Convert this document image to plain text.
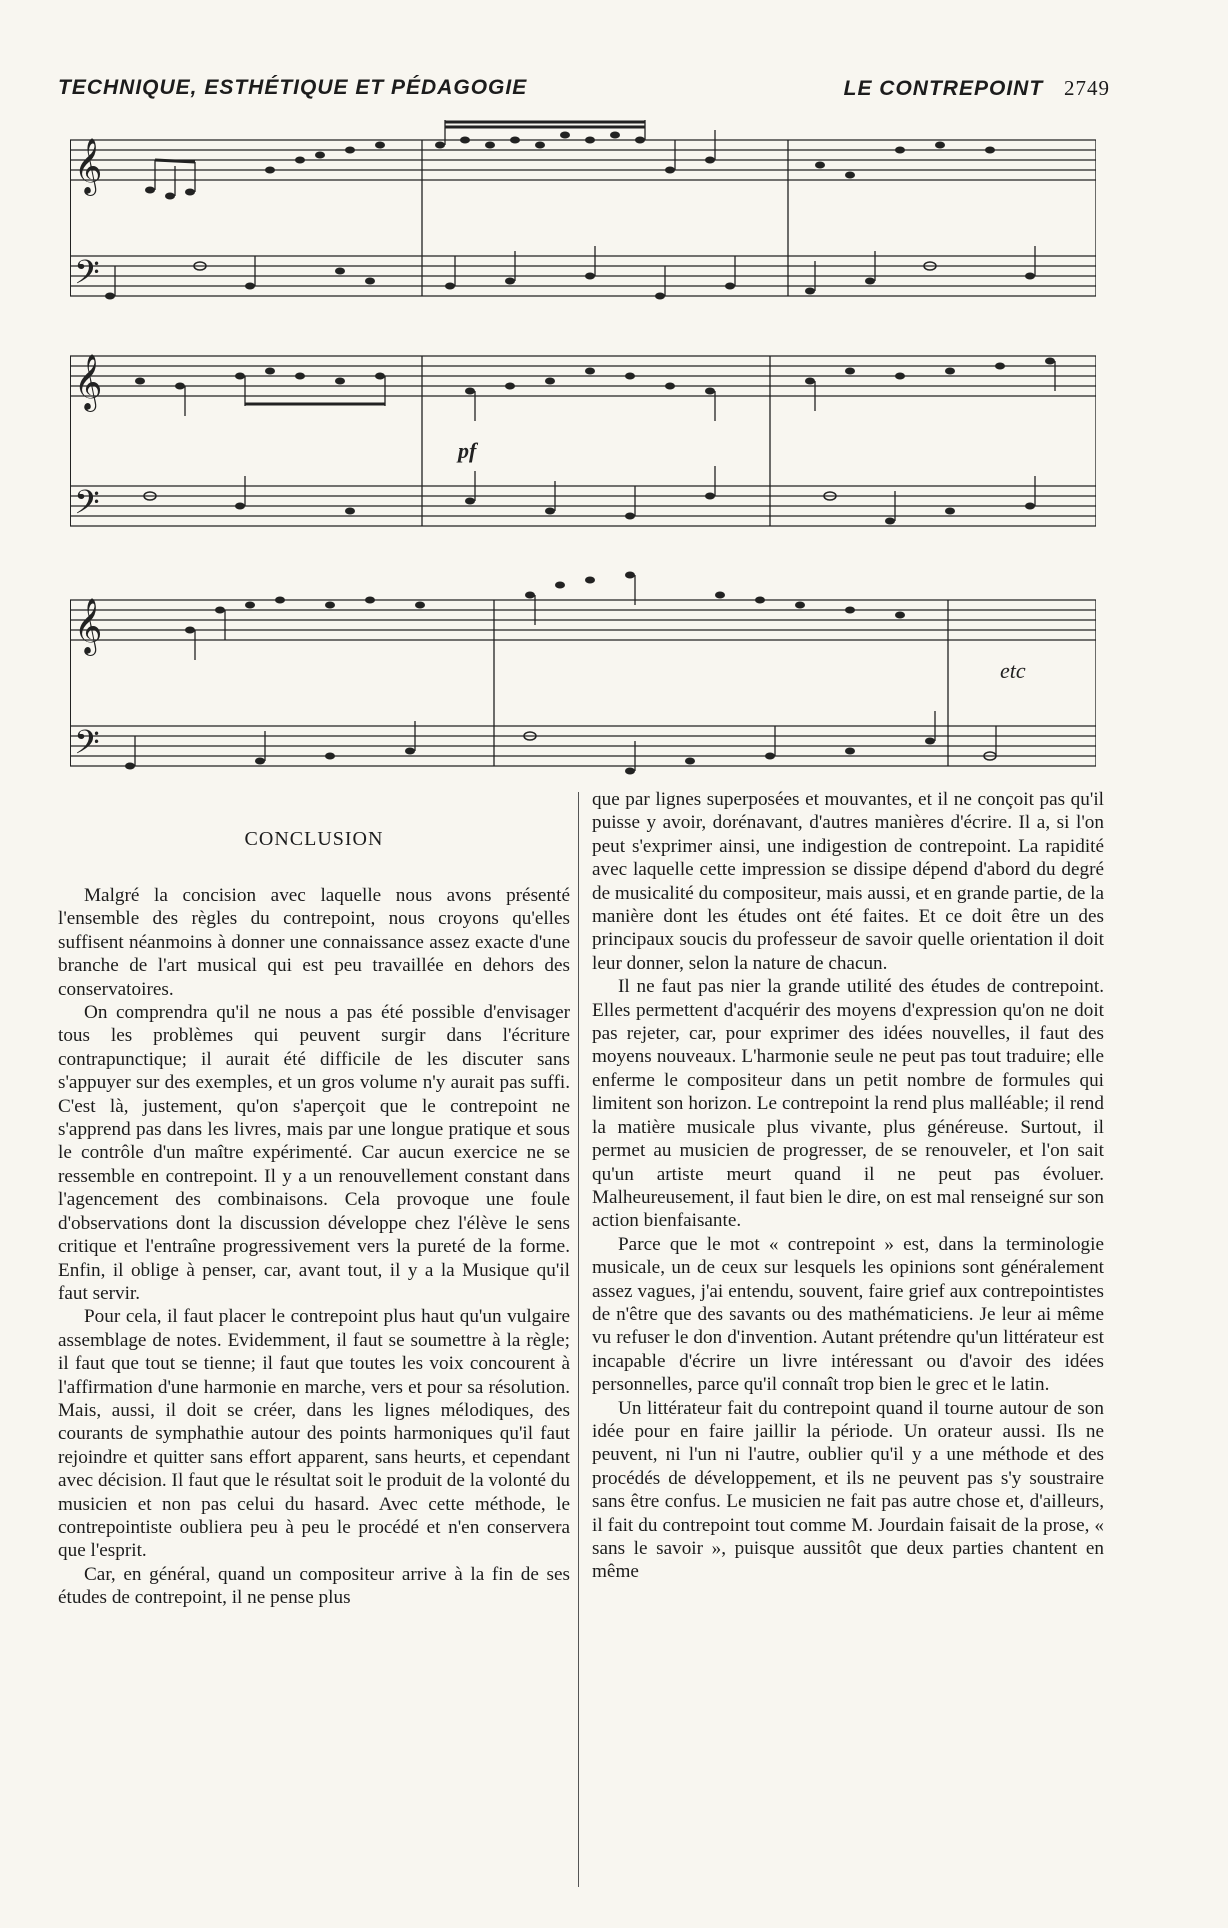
TECHNIQUE, ESTHÉTIQUE ET PÉDAGOGIE	LE CONTREPOINT 2749
𝄞
𝄢
𝄞
𝄢
pf
𝄞
𝄢
etc
CONCLUSION

Malgré la concision avec laquelle nous avons présenté l'ensemble des règles du contrepoint, nous croyons qu'elles suffisent néanmoins à donner une connaissance assez exacte d'une branche de l'art musical qui est peu travaillée en dehors des conservatoires.

On comprendra qu'il ne nous a pas été possible d'envisager tous les problèmes qui peuvent surgir dans l'écriture contrapunctique; il aurait été difficile de les discuter sans s'appuyer sur des exemples, et un gros volume n'y aurait pas suffi. C'est là, justement, qu'on s'aperçoit que le contrepoint ne s'apprend pas dans les livres, mais par une longue pratique et sous le contrôle d'un maître expérimenté. Car aucun exercice ne se ressemble en contrepoint. Il y a un renouvellement constant dans l'agencement des combinaisons. Cela provoque une foule d'observations dont la discussion développe chez l'élève le sens critique et l'entraîne progressivement vers la pureté de la forme. Enfin, il oblige à penser, car, avant tout, il y a la Musique qu'il faut servir.

Pour cela, il faut placer le contrepoint plus haut qu'un vulgaire assemblage de notes. Evidemment, il faut se soumettre à la règle; il faut que tout se tienne; il faut que toutes les voix concourent à l'affirmation d'une harmonie en marche, vers et pour sa résolution. Mais, aussi, il doit se créer, dans les lignes mélodiques, des courants de symphathie autour des points harmoniques qu'il faut rejoindre et quitter sans effort apparent, sans heurts, et cependant avec décision. Il faut que le résultat soit le produit de la volonté du musicien et non pas celui du hasard. Avec cette méthode, le contrepointiste oubliera peu à peu le procédé et n'en conservera que l'esprit.

Car, en général, quand un compositeur arrive à la fin de ses études de contrepoint, il ne pense plus

que par lignes superposées et mouvantes, et il ne conçoit pas qu'il puisse y avoir, dorénavant, d'autres manières d'écrire. Il a, si l'on peut s'exprimer ainsi, une indigestion de contrepoint. La rapidité avec laquelle cette impression se dissipe dépend d'abord du degré de musicalité du compositeur, mais aussi, et en grande partie, de la manière dont les études ont été faites. Et ce doit être un des principaux soucis du professeur de savoir quelle orientation il doit leur donner, selon la nature de chacun.

Il ne faut pas nier la grande utilité des études de contrepoint. Elles permettent d'acquérir des moyens d'expression qu'on ne doit pas rejeter, car, pour exprimer des idées nouvelles, il faut des moyens nouveaux. L'harmonie seule ne peut pas tout traduire; elle enferme le compositeur dans un petit nombre de formules qui limitent son horizon. Le contrepoint la rend plus malléable; il rend la matière musicale plus vivante, plus généreuse. Surtout, il permet au musicien de progresser, de se renouveler, et l'on sait qu'un artiste meurt quand il ne peut pas évoluer. Malheureusement, il faut bien le dire, on est mal renseigné sur son action bienfaisante.

Parce que le mot « contrepoint » est, dans la terminologie musicale, un de ceux sur lesquels les opinions sont généralement assez vagues, j'ai entendu, souvent, faire grief aux contrepointistes de n'être que des savants ou des mathématiciens. Je leur ai même vu refuser le don d'invention. Autant prétendre qu'un littérateur est incapable d'écrire un livre intéressant ou d'avoir des idées personnelles, parce qu'il connaît trop bien le grec et le latin.

Un littérateur fait du contrepoint quand il tourne autour de son idée pour en faire jaillir la période. Un orateur aussi. Ils ne peuvent, ni l'un ni l'autre, oublier qu'il y a une méthode et des procédés de développement, et ils ne peuvent pas s'y soustraire sans être confus. Le musicien ne fait pas autre chose et, d'ailleurs, il fait du contrepoint tout comme M. Jourdain faisait de la prose, « sans le savoir », puisque aussitôt que deux parties chantent en même
